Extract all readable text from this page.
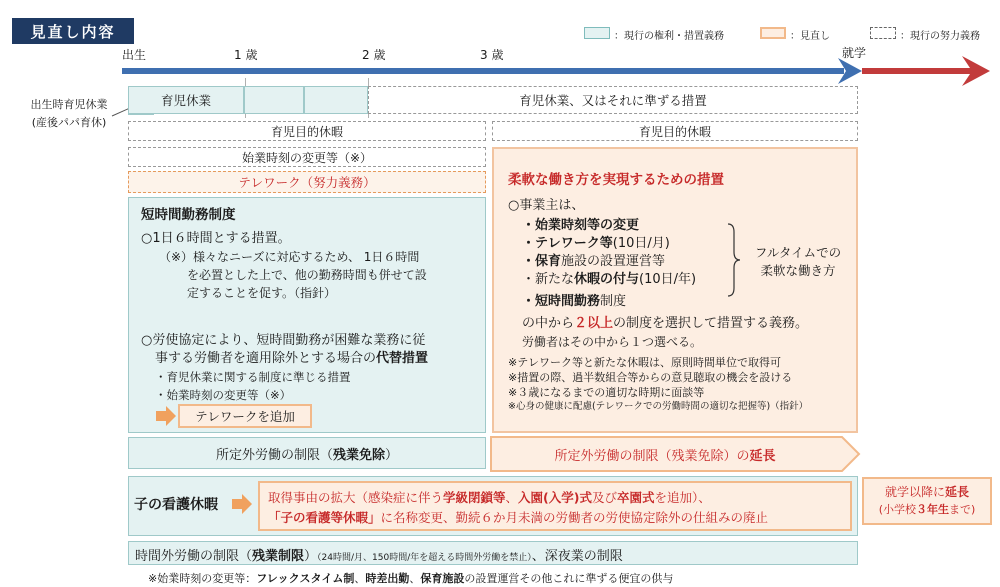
見直し内容	：現行の権利・措置義務	：見直し	：現行の努力義務
出生	1 歳	2 歳	3 歳	就学
出生時育児休業
(産後パパ育休)
育児休業	育児休業、又はそれに準ずる措置
育児目的休暇	育児目的休暇
始業時刻の変更等（※）
テレワーク（努力義務）
短時間勤務制度
○1日６時間とする措置。
（※）様々なニーズに対応するため、 1日６時間
を必置とした上で、他の勤務時間も併せて設
定することを促す。（指針）
○労使協定により、短時間勤務が困難な業務に従
事する労働者を適用除外とする場合の代替措置
・育児休業に関する制度に準じる措置
・始業時刻の変更等（※）
テレワークを追加
柔軟な働き方を実現するための措置
○事業主は、
・始業時刻等の変更
・テレワーク等(10日/月)
・保育施設の設置運営等
・新たな休暇の付与(10日/年)
・短時間勤務制度
の中から２以上の制度を選択して措置する義務。
労働者はその中から１つ選べる。
※テレワーク等と新たな休暇は、原則時間単位で取得可
※措置の際、過半数組合等からの意見聴取の機会を設ける
※３歳になるまでの適切な時期に面談等
※心身の健康に配慮(テレワークでの労働時間の適切な把握等)（指針）
フルタイムでの
柔軟な働き方
所定外労働の制限（ 残業免除 ）	所定外労働の制限（残業免除）の 延長
子の看護休暇	取得事由の拡大（感染症に伴う学級閉鎖等、入園(入学)式及び卒園式を追加）、
「子の看護等休暇」に名称変更、勤続６か月未満の労働者の労使協定除外の仕組みの廃止
就学以降に延長
(小学校３年生まで)
時間外労働の制限（残業制限）（24時間/月、150時間/年を超える時間外労働を禁止）、深夜業の制限
※始業時刻の変更等：フレックスタイム制、時差出勤、保育施設の設置運営その他これに準ずる便宜の供与
